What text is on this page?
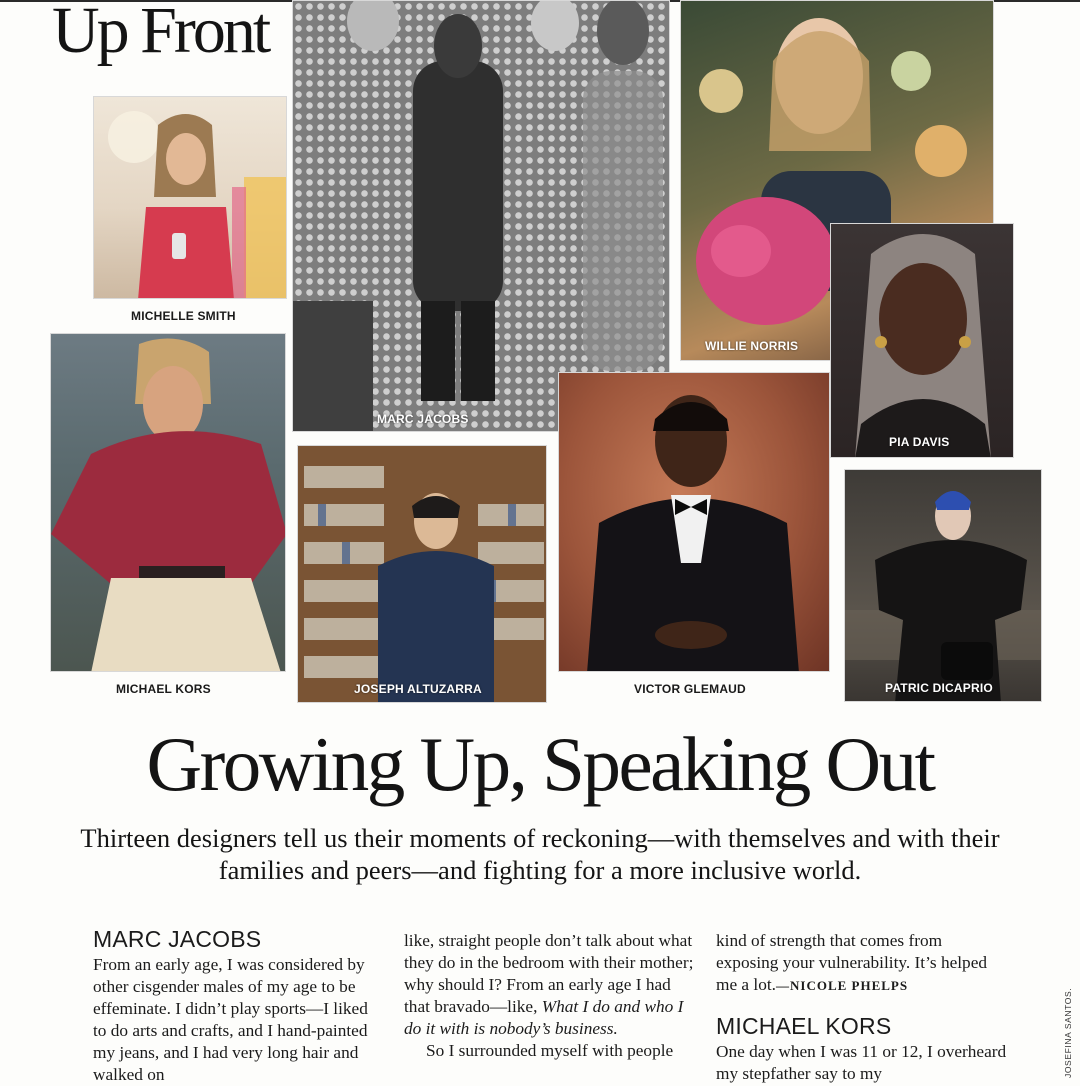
Up Front
MARC JACOBS
WILLIE NORRIS
MICHELLE SMITH
PIA DAVIS
MICHAEL KORS	JOSEPH ALTUZARRA	VICTOR GLEMAUD	PATRIC DICAPRIO
Growing Up, Speaking Out

Thirteen designers tell us their moments of reckoning—with themselves and with their families and peers—and fighting for a more inclusive world.

MARC JACOBS

From an early age, I was considered by other cisgender males of my age to be effeminate. I didn’t play sports—I liked to do arts and crafts, and I hand-painted my jeans, and I had very long hair and walked on

like, straight people don’t talk about what they do in the bedroom with their mother; why should I? From an early age I had that bravado—like, What I do and who I do it with is nobody’s business.

So I surrounded myself with people

kind of strength that comes from exposing your vulnerability. It’s helped me a lot.—NICOLE PHELPS

MICHAEL KORS

One day when I was 11 or 12, I overheard my stepfather say to my	JOSEFINA SANTOS.
